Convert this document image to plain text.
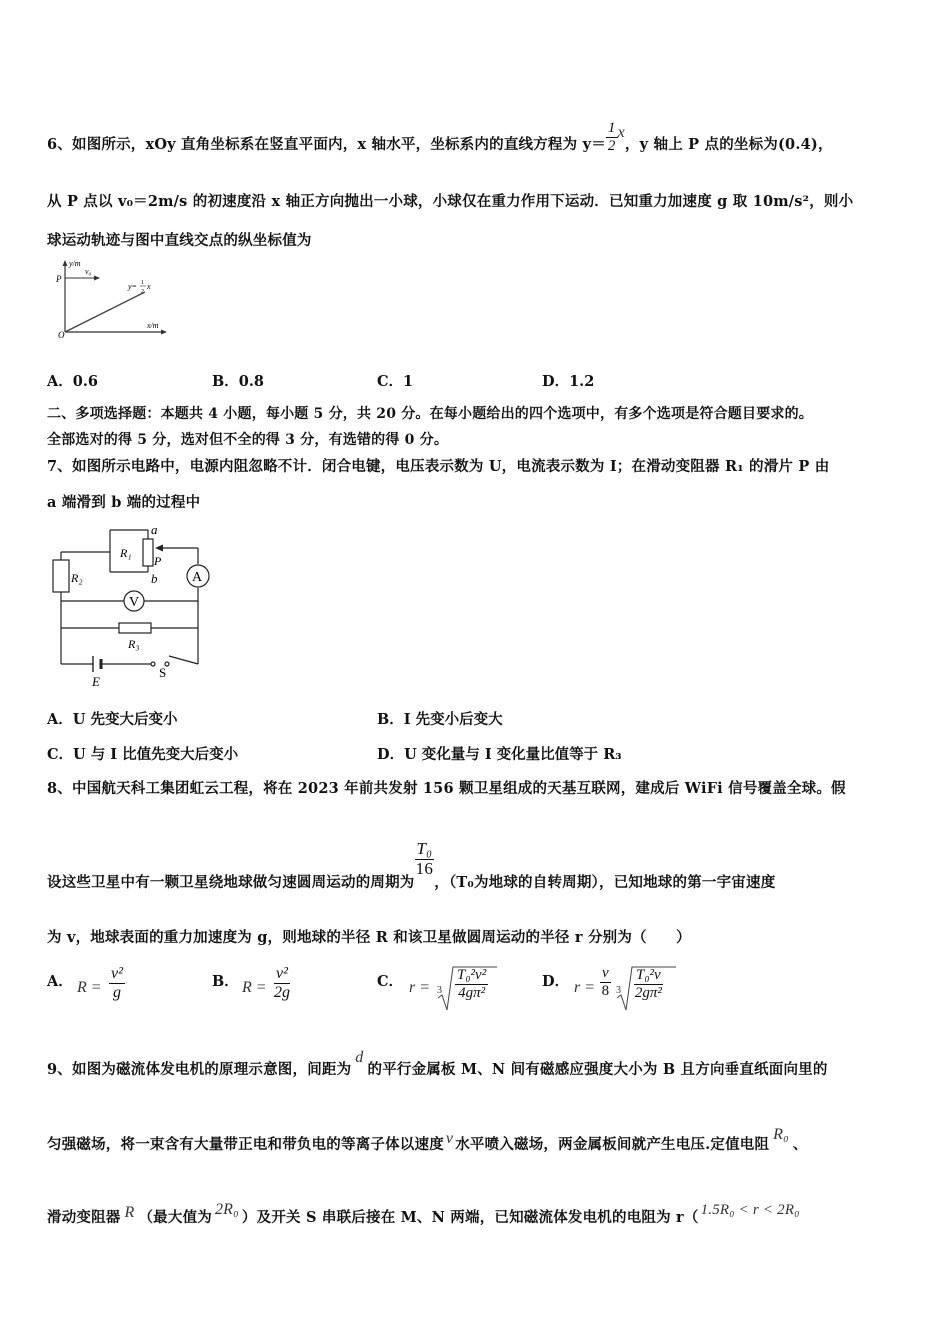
6、如图所示，xOy 直角坐标系在竖直平面内，x 轴水平，坐标系内的直线方程为 $y= \frac{1}{2}$ x，y 轴上 P 点的坐标为(0.4)，
从 P 点以 v₀＝2m/s 的初速度沿 x 轴正方向抛出一小球，小球仅在重力作用下运动．已知重力加速度 g 取 10m/s²，则小
球运动轨迹与图中直线交点的纵坐标值为
y/m
P
v₀
y= 1
2
x
x/m
O
A．0.6	B．0.8	C．1	D．1.2
二、多项选择题：本题共 4 小题，每小题 5 分，共 20 分。在每小题给出的四个选项中，有多个选项是符合题目要求的。
全部选对的得 5 分，选对但不全的得 3 分，有选错的得 0 分。
7、如图所示电路中，电源内阻忽略不计．闭合电键，电压表示数为 U，电流表示数为 I；在滑动变阻器 R₁ 的滑片 P 由
a 端滑到 b 端的过程中
a
R₁
P
b
R₂	A
V
R₃
S
E
A．U 先变大后变小	B．I 先变小后变大
C．U 与 I 比值先变大后变小	D．U 变化量与 I 变化量比值等于 R₃
8、中国航天科工集团虹云工程，将在 2023 年前共发射 156 颗卫星组成的天基互联网，建成后 WiFi 信号覆盖全球。假
设这些卫星中有一颗卫星绕地球做匀速圆周运动的周期为
$\frac{\text{T₀}}{16}$
，（T₀为地球的自转周期），已知地球的第一宇宙速度
为 v，地球表面的重力加速度为 g，则地球的半径 R 和该卫星做圆周运动的半径 r 分别为（　　）
A． $R = \frac{\text{v²}}{g}$	B． $R = \frac{\text{v²}}{2g}$	C． $r = 3 \frac{\text{T₀²v²}}{\text{4gπ²}}$	D． $r = \frac{v}{8} 3 \frac{\text{T₀²v}}{\text{2gπ²}}$
9、如图为磁流体发电机的原理示意图，间距为d的平行金属板 M、N 间有磁感应强度大小为 B 且方向垂直纸面向里的
匀强磁场，将一束含有大量带正电和带负电的等离子体以速度 v 水平喷入磁场，两金属板间就产生电压.定值电阻R₀、
滑动变阻器 R （最大值为 2R₀ ）及开关 S 串联后接在 M、N 两端，已知磁流体发电机的电阻为 r（ 1.5R₀ < r < 2R₀
